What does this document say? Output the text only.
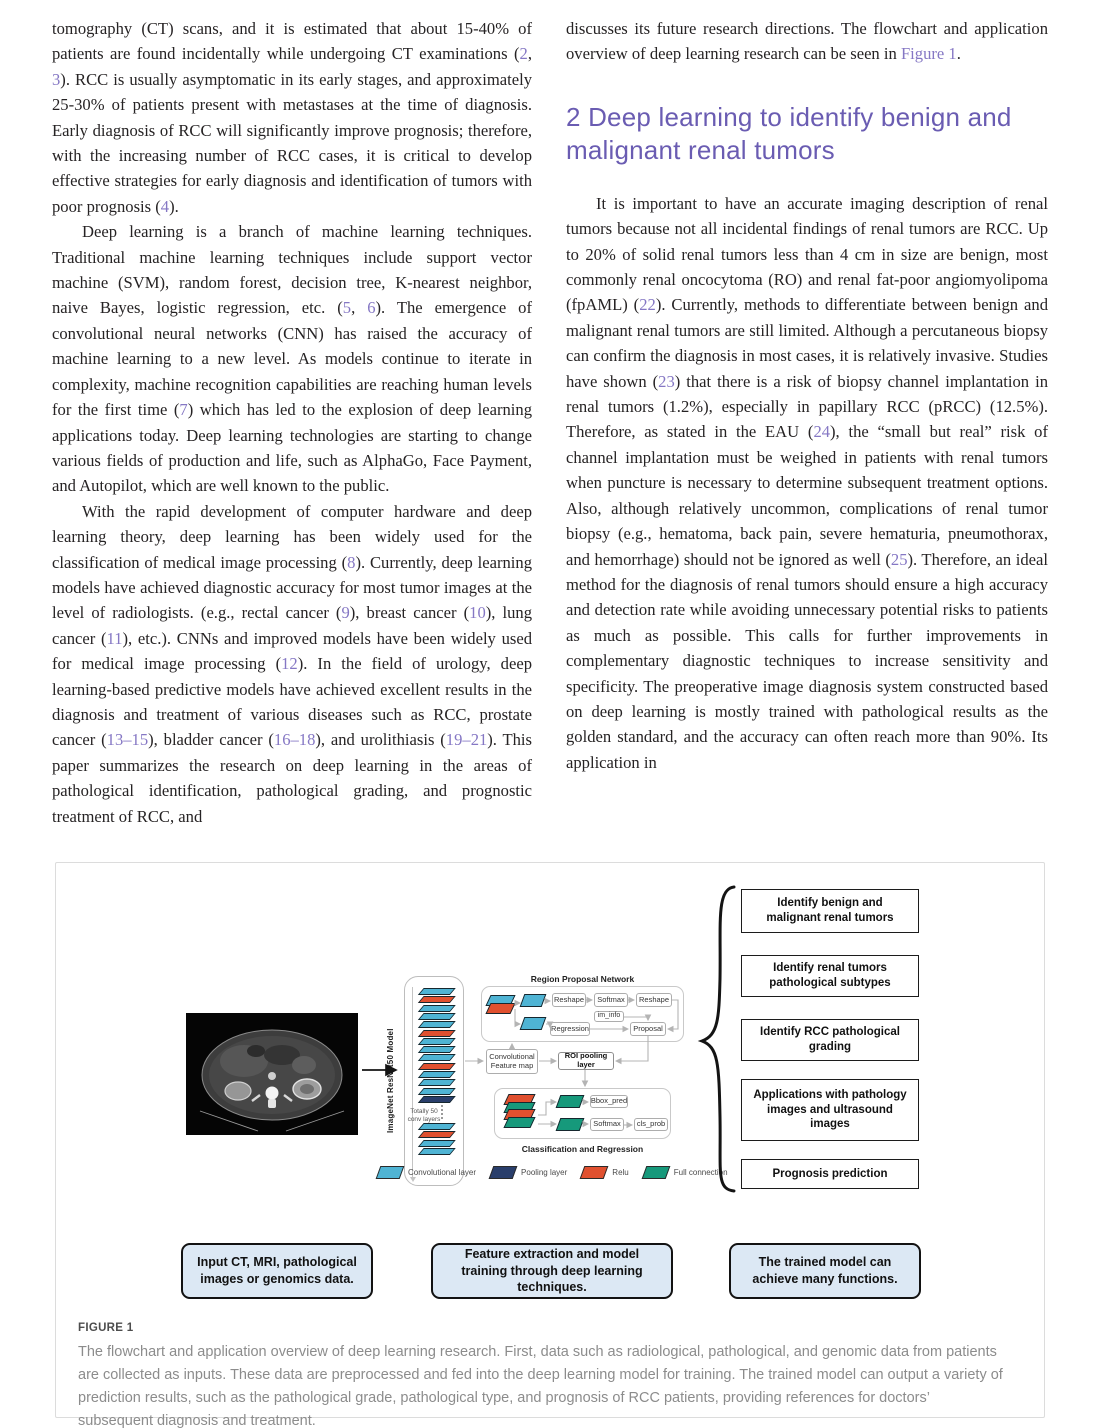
tomography (CT) scans, and it is estimated that about 15-40% of patients are found incidentally while undergoing CT examinations (2, 3). RCC is usually asymptomatic in its early stages, and approximately 25-30% of patients present with metastases at the time of diagnosis. Early diagnosis of RCC will significantly improve prognosis; therefore, with the increasing number of RCC cases, it is critical to develop effective strategies for early diagnosis and identification of tumors with poor prognosis (4).

Deep learning is a branch of machine learning techniques. Traditional machine learning techniques include support vector machine (SVM), random forest, decision tree, K-nearest neighbor, naive Bayes, logistic regression, etc. (5, 6). The emergence of convolutional neural networks (CNN) has raised the accuracy of machine learning to a new level. As models continue to iterate in complexity, machine recognition capabilities are reaching human levels for the first time (7) which has led to the explosion of deep learning applications today. Deep learning technologies are starting to change various fields of production and life, such as AlphaGo, Face Payment, and Autopilot, which are well known to the public.

With the rapid development of computer hardware and deep learning theory, deep learning has been widely used for the classification of medical image processing (8). Currently, deep learning models have achieved diagnostic accuracy for most tumor images at the level of radiologists. (e.g., rectal cancer (9), breast cancer (10), lung cancer (11), etc.). CNNs and improved models have been widely used for medical image processing (12). In the field of urology, deep learning-based predictive models have achieved excellent results in the diagnosis and treatment of various diseases such as RCC, prostate cancer (13–15), bladder cancer (16–18), and urolithiasis (19–21). This paper summarizes the research on deep learning in the areas of pathological identification, pathological grading, and prognostic treatment of RCC, and

discusses its future research directions. The flowchart and application overview of deep learning research can be seen in Figure 1.

2 Deep learning to identify benign and malignant renal tumors

It is important to have an accurate imaging description of renal tumors because not all incidental findings of renal tumors are RCC. Up to 20% of solid renal tumors less than 4 cm in size are benign, most commonly renal oncocytoma (RO) and renal fat-poor angiomyolipoma (fpAML) (22). Currently, methods to differentiate between benign and malignant renal tumors are still limited. Although a percutaneous biopsy can confirm the diagnosis in most cases, it is relatively invasive. Studies have shown (23) that there is a risk of biopsy channel implantation in renal tumors (1.2%), especially in papillary RCC (pRCC) (12.5%). Therefore, as stated in the EAU (24), the “small but real” risk of channel implantation must be weighed in patients with renal tumors when puncture is necessary to determine subsequent treatment options. Also, although relatively uncommon, complications of renal tumor biopsy (e.g., hematoma, back pain, severe hematuria, pneumothorax, and hemorrhage) should not be ignored as well (25). Therefore, an ideal method for the diagnosis of renal tumors should ensure a high accuracy and detection rate while avoiding unnecessary potential risks to patients as much as possible. This calls for further improvements in complementary diagnostic techniques to increase sensitivity and specificity. The preoperative image diagnosis system constructed based on deep learning is mostly trained with pathological results as the golden standard, and the accuracy can often reach more than 90%. Its application in

ImageNet ResNet50 Model	Totally 50 conv layers
Region Proposal Network
Reshape	Softmax	Reshape
im_info
Regression	Proposal
Convolutional Feature map
ROI pooling layer
Bbox_pred
Softmax	cls_prob
Classification and Regression
Convolutional layer	Pooling layer	Relu	Full connection
Identify benign and malignant renal tumors
Identify renal tumors pathological subtypes
Identify RCC pathological grading
Applications with pathology images and ultrasound images
Prognosis prediction
Input CT, MRI, pathological images or genomics data.
Feature extraction and model training through deep learning techniques.
The trained model can achieve many functions.
FIGURE 1
The flowchart and application overview of deep learning research. First, data such as radiological, pathological, and genomic data from patients are collected as inputs. These data are preprocessed and fed into the deep learning model for training. The trained model can output a variety of prediction results, such as the pathological grade, pathological type, and prognosis of RCC patients, providing references for doctors’ subsequent diagnosis and treatment.
